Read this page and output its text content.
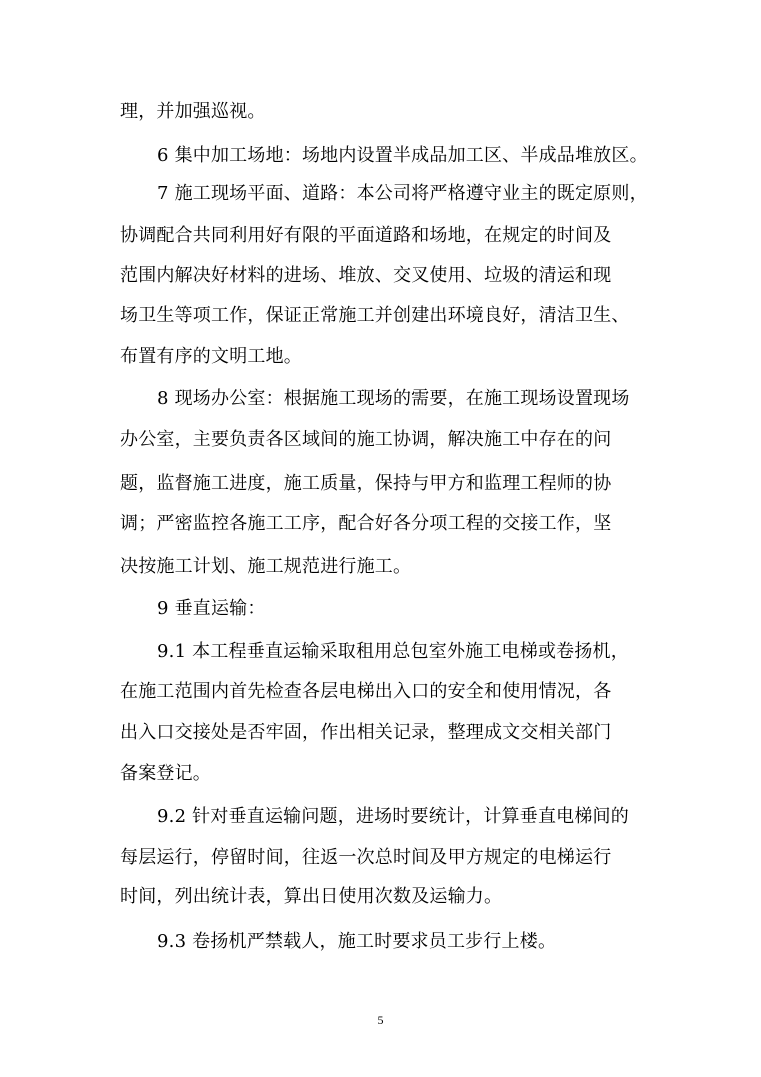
理，并加强巡视。
6 集中加工场地：场地内设置半成品加工区、半成品堆放区。
7 施工现场平面、道路：本公司将严格遵守业主的既定原则，
协调配合共同利用好有限的平面道路和场地，在规定的时间及
范围内解决好材料的进场、堆放、交叉使用、垃圾的清运和现
场卫生等项工作，保证正常施工并创建出环境良好，清洁卫生、
布置有序的文明工地。
8 现场办公室：根据施工现场的需要，在施工现场设置现场
办公室，主要负责各区域间的施工协调，解决施工中存在的问
题，监督施工进度，施工质量，保持与甲方和监理工程师的协
调；严密监控各施工工序，配合好各分项工程的交接工作，坚
决按施工计划、施工规范进行施工。
9 垂直运输：
9.1 本工程垂直运输采取租用总包室外施工电梯或卷扬机，
在施工范围内首先检查各层电梯出入口的安全和使用情况，各
出入口交接处是否牢固，作出相关记录，整理成文交相关部门
备案登记。
9.2 针对垂直运输问题，进场时要统计，计算垂直电梯间的
每层运行，停留时间，往返一次总时间及甲方规定的电梯运行
时间，列出统计表，算出日使用次数及运输力。
9.3 卷扬机严禁载人，施工时要求员工步行上楼。
5
